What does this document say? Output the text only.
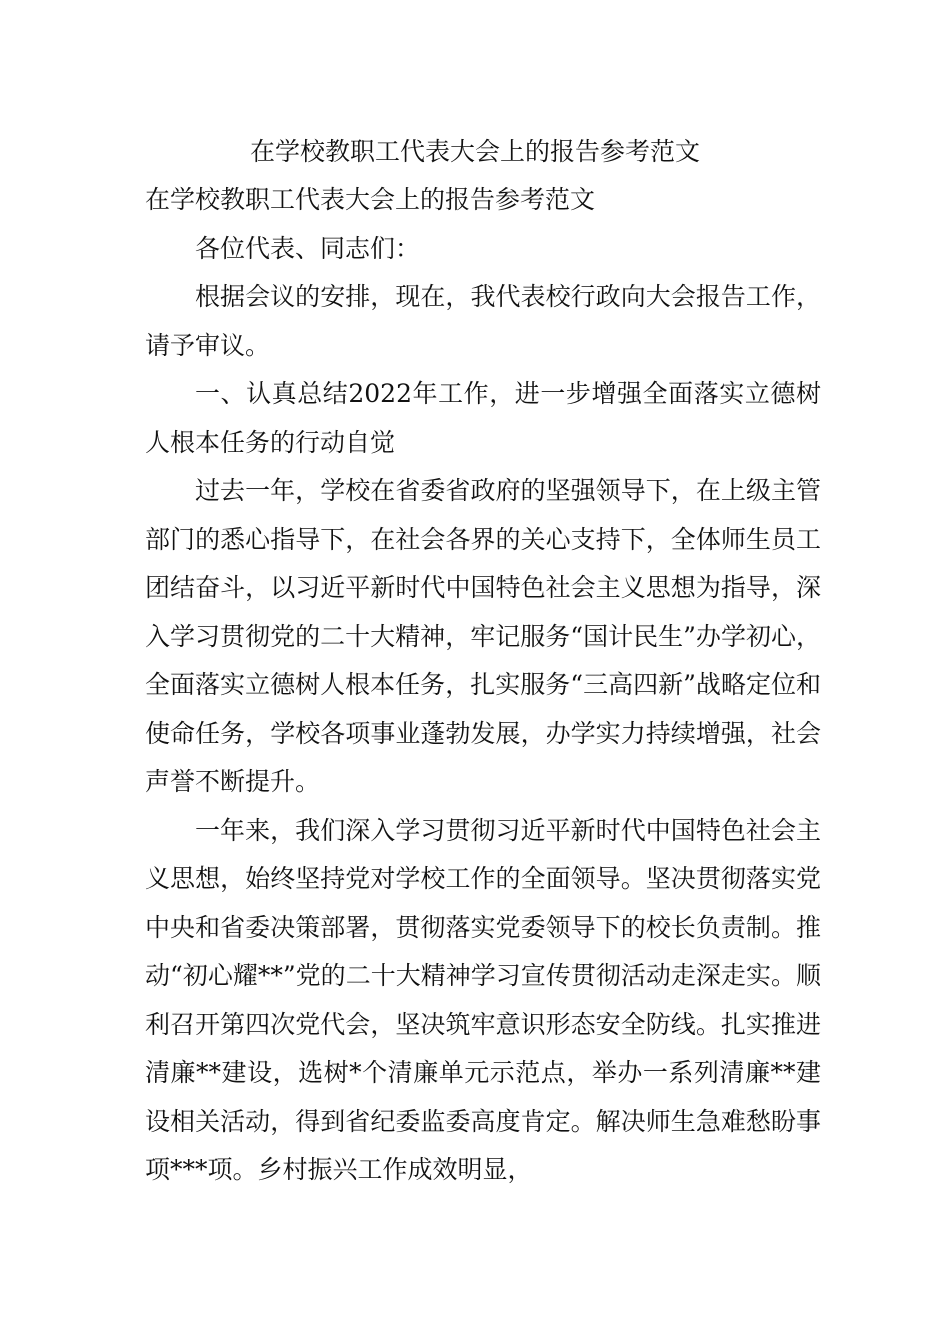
在学校教职工代表大会上的报告参考范文

在学校教职工代表大会上的报告参考范文

各位代表、同志们：

根据会议的安排，现在，我代表校行政向大会报告工作，请予审议。

一、认真总结2022年工作，进一步增强全面落实立德树人根本任务的行动自觉

过去一年，学校在省委省政府的坚强领导下，在上级主管部门的悉心指导下，在社会各界的关心支持下，全体师生员工团结奋斗，以习近平新时代中国特色社会主义思想为指导，深入学习贯彻党的二十大精神，牢记服务“国计民生”办学初心，全面落实立德树人根本任务，扎实服务“三高四新”战略定位和使命任务，学校各项事业蓬勃发展，办学实力持续增强，社会声誉不断提升。

一年来，我们深入学习贯彻习近平新时代中国特色社会主义思想，始终坚持党对学校工作的全面领导。坚决贯彻落实党中央和省委决策部署，贯彻落实党委领导下的校长负责制。推动“初心耀**”党的二十大精神学习宣传贯彻活动走深走实。顺利召开第四次党代会，坚决筑牢意识形态安全防线。扎实推进清廉**建设，选树*个清廉单元示范点，举办一系列清廉**建设相关活动，得到省纪委监委高度肯定。解决师生急难愁盼事项***项。乡村振兴工作成效明显，
